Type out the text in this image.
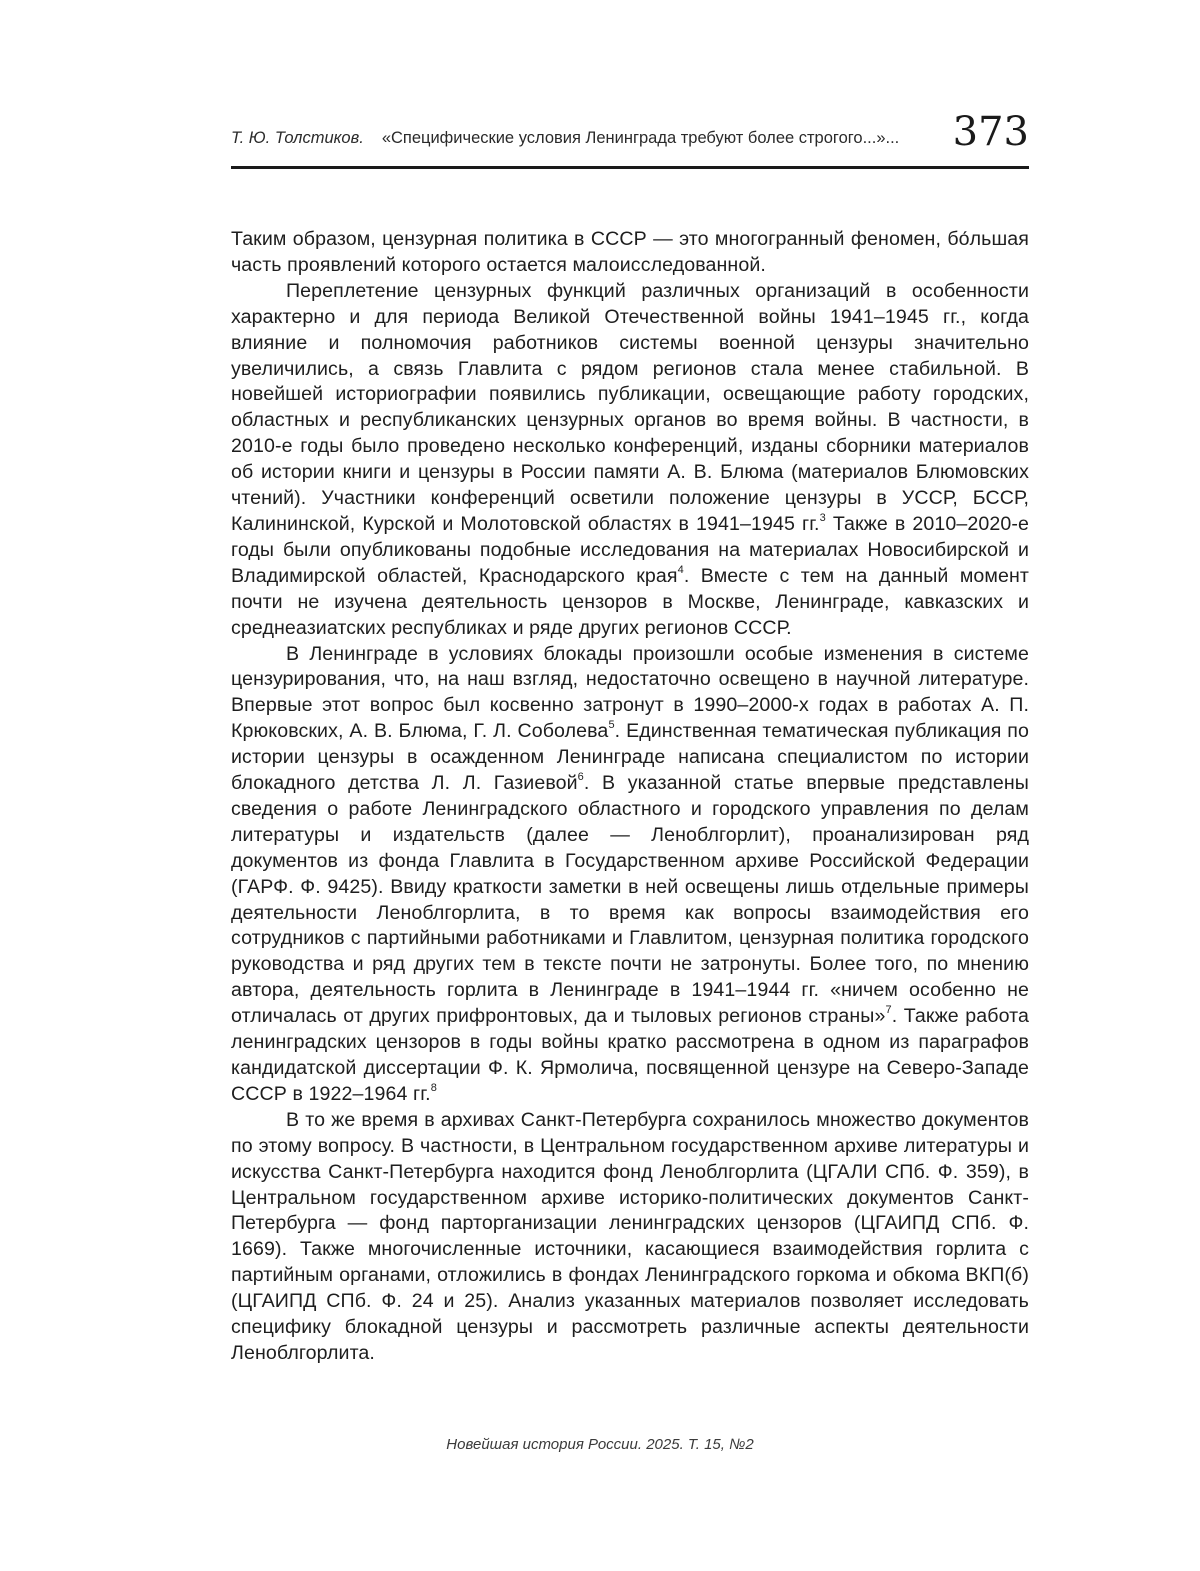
Т. Ю. Толстиков. «Специфические условия Ленинграда требуют более строгого...»... 373

Таким образом, цензурная политика в СССР — это многогранный феномен, бо́льшая часть проявлений которого остается малоисследованной.

Переплетение цензурных функций различных организаций в особенности характерно и для периода Великой Отечественной войны 1941–1945 гг., когда влияние и полномочия работников системы военной цензуры значительно увеличились, а связь Главлита с рядом регионов стала менее стабильной. В новейшей историографии появились публикации, освещающие работу городских, областных и республиканских цензурных органов во время войны. В частности, в 2010-е годы было проведено несколько конференций, изданы сборники материалов об истории книги и цензуры в России памяти А. В. Блюма (материалов Блюмовских чтений). Участники конференций осветили положение цензуры в УССР, БССР, Калининской, Курской и Молотовской областях в 1941–1945 гг.$^3$ Также в 2010–2020-е годы были опубликованы подобные исследования на материалах Новосибирской и Владимирской областей, Краснодарского края$^4$. Вместе с тем на данный момент почти не изучена деятельность цензоров в Москве, Ленинграде, кавказских и среднеазиатских республиках и ряде других регионов СССР.

В Ленинграде в условиях блокады произошли особые изменения в системе цензурирования, что, на наш взгляд, недостаточно освещено в научной литературе. Впервые этот вопрос был косвенно затронут в 1990–2000-х годах в работах А. П. Крюковских, А. В. Блюма, Г. Л. Соболева$^5$. Единственная тематическая публикация по истории цензуры в осажденном Ленинграде написана специалистом по истории блокадного детства Л. Л. Газиевой$^6$. В указанной статье впервые представлены сведения о работе Ленинградского областного и городского управления по делам литературы и издательств (далее — Леноблгорлит), проанализирован ряд документов из фонда Главлита в Государственном архиве Российской Федерации (ГАРФ. Ф. 9425). Ввиду краткости заметки в ней освещены лишь отдельные примеры деятельности Леноблгорлита, в то время как вопросы взаимодействия его сотрудников с партийными работниками и Главлитом, цензурная политика городского руководства и ряд других тем в тексте почти не затронуты. Более того, по мнению автора, деятельность горлита в Ленинграде в 1941–1944 гг. «ничем особенно не отличалась от других прифронтовых, да и тыловых регионов страны»$^7$. Также работа ленинградских цензоров в годы войны кратко рассмотрена в одном из параграфов кандидатской диссертации Ф. К. Ярмолича, посвященной цензуре на Северо-Западе СССР в 1922–1964 гг.$^8$

В то же время в архивах Санкт-Петербурга сохранилось множество документов по этому вопросу. В частности, в Центральном государственном архиве литературы и искусства Санкт-Петербурга находится фонд Леноблгорлита (ЦГАЛИ СПб. Ф. 359), в Центральном государственном архиве историко-политических документов Санкт-Петербурга — фонд парторганизации ленинградских цензоров (ЦГАИПД СПб. Ф. 1669). Также многочисленные источники, касающиеся взаимодействия горлита с партийным органами, отложились в фондах Ленинградского горкома и обкома ВКП(б) (ЦГАИПД СПб. Ф. 24 и 25). Анализ указанных материалов позволяет исследовать специфику блокадной цензуры и рассмотреть различные аспекты деятельности Леноблгорлита.

Новейшая история России. 2025. Т. 15, №2
